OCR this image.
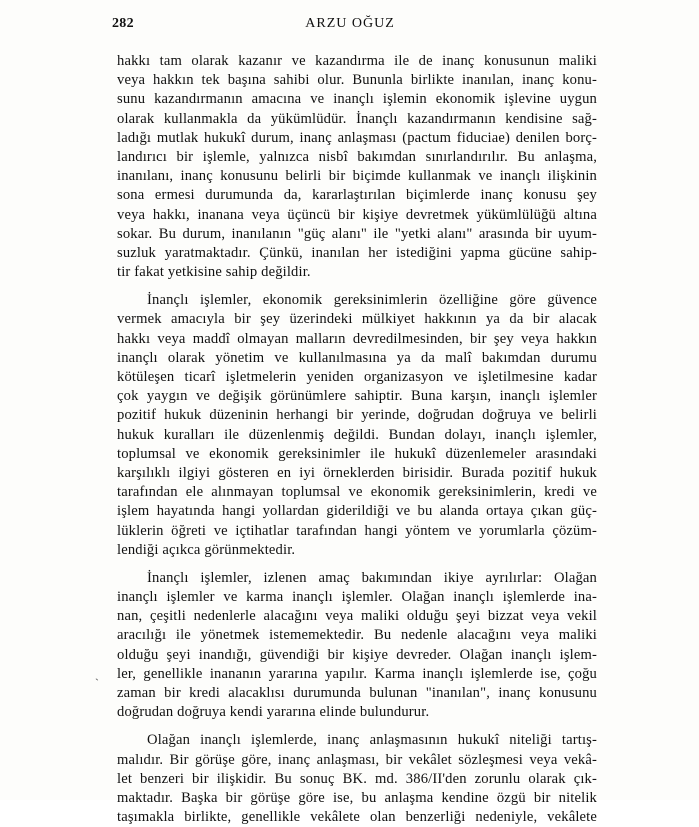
282	ARZU OĞUZ

hakkı tam olarak kazanır ve kazandırma ile de inanç konusunun maliki
veya hakkın tek başına sahibi olur. Bununla birlikte inanılan, inanç konu-
sunu kazandırmanın amacına ve inançlı işlemin ekonomik işlevine uygun
olarak kullanmakla da yükümlüdür. İnançlı kazandırmanın kendisine sağ-
ladığı mutlak hukukî durum, inanç anlaşması (pactum fiduciae) denilen borç-
landırıcı bir işlemle, yalnızca nisbî bakımdan sınırlandırılır. Bu anlaşma,
inanılanı, inanç konusunu belirli bir biçimde kullanmak ve inançlı ilişkinin
sona ermesi durumunda da, kararlaştırılan biçimlerde inanç konusu şey
veya hakkı, inanana veya üçüncü bir kişiye devretmek yükümlülüğü altına
sokar. Bu durum, inanılanın "güç alanı" ile "yetki alanı" arasında bir uyum-
suzluk yaratmaktadır. Çünkü, inanılan her istediğini yapma gücüne sahip-
tir fakat yetkisine sahip değildir.

İnançlı işlemler, ekonomik gereksinimlerin özelliğine göre güvence
vermek amacıyla bir şey üzerindeki mülkiyet hakkının ya da bir alacak
hakkı veya maddî olmayan malların devredilmesinden, bir şey veya hakkın
inançlı olarak yönetim ve kullanılmasına ya da malî bakımdan durumu
kötüleşen ticarî işletmelerin yeniden organizasyon ve işletilmesine kadar
çok yaygın ve değişik görünümlere sahiptir. Buna karşın, inançlı işlemler
pozitif hukuk düzeninin herhangi bir yerinde, doğrudan doğruya ve belirli
hukuk kuralları ile düzenlenmiş değildi. Bundan dolayı, inançlı işlemler,
toplumsal ve ekonomik gereksinimler ile hukukî düzenlemeler arasındaki
karşılıklı ilgiyi gösteren en iyi örneklerden birisidir. Burada pozitif hukuk
tarafından ele alınmayan toplumsal ve ekonomik gereksinimlerin, kredi ve
işlem hayatında hangi yollardan giderildiği ve bu alanda ortaya çıkan güç-
lüklerin öğreti ve içtihatlar tarafından hangi yöntem ve yorumlarla çözüm-
lendiği açıkca görünmektedir.

İnançlı işlemler, izlenen amaç bakımından ikiye ayrılırlar: Olağan
inançlı işlemler ve karma inançlı işlemler. Olağan inançlı işlemlerde ina-
nan, çeşitli nedenlerle alacağını veya maliki olduğu şeyi bizzat veya vekil
aracılığı ile yönetmek istememektedir. Bu nedenle alacağını veya maliki
olduğu şeyi inandığı, güvendiği bir kişiye devreder. Olağan inançlı işlem-
ler, genellikle inananın yararına yapılır. Karma inançlı işlemlerde ise, çoğu
zaman bir kredi alacaklısı durumunda bulunan "inanılan", inanç konusunu
doğrudan doğruya kendi yararına elinde bulundurur.

Olağan inançlı işlemlerde, inanç anlaşmasının hukukî niteliği tartış-
malıdır. Bir görüşe göre, inanç anlaşması, bir vekâlet sözleşmesi veya vekâ-
let benzeri bir ilişkidir. Bu sonuç BK. md. 386/II'den zorunlu olarak çık-
maktadır. Başka bir görüşe göre ise, bu anlaşma kendine özgü bir nitelik
taşımakla birlikte, genellikle vekâlete olan benzerliği nedeniyle, vekâlete

`
